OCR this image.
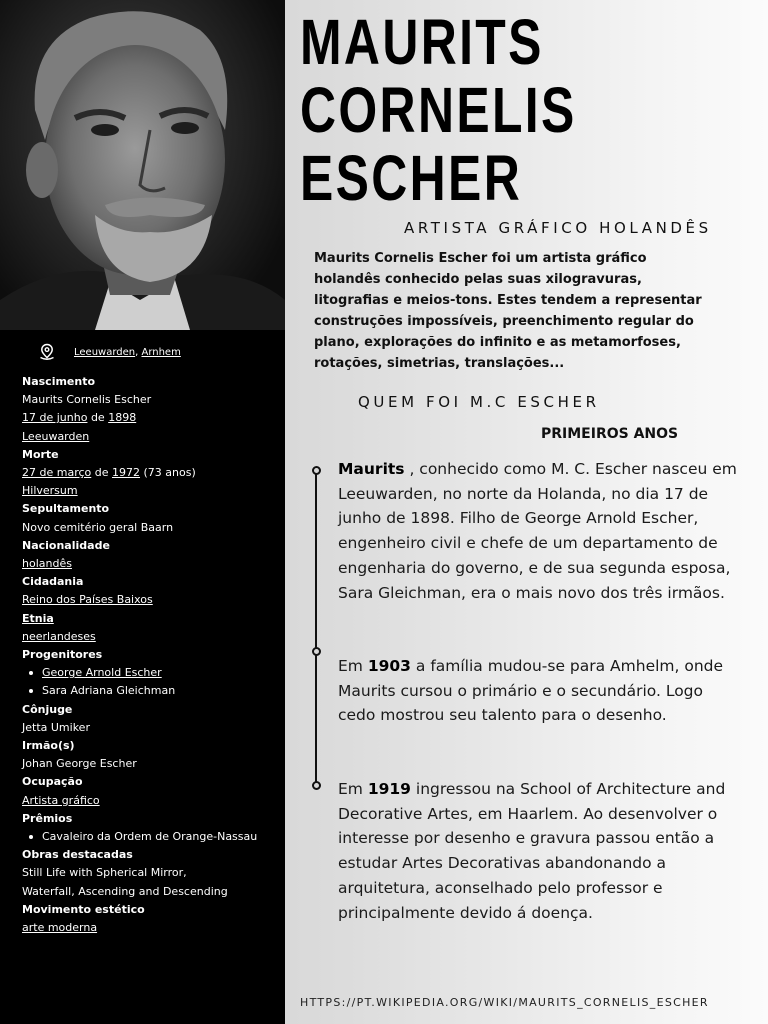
Leeuwarden, Arnhem
Nascimento
Maurits Cornelis Escher
17 de junho de 1898
Leeuwarden
Morte
27 de março de 1972 (73 anos)
Hilversum
Sepultamento
Novo cemitério geral Baarn
Nacionalidade
holandês
Cidadania
Reino dos Países Baixos
Etnia
neerlandeses
Progenitores
George Arnold Escher
Sara Adriana Gleichman
Cônjuge
Jetta Umiker
Irmão(s)
Johan George Escher
Ocupação
Artista gráfico
Prêmios
Cavaleiro da Ordem de Orange-Nassau
Obras destacadas
Still Life with Spherical Mirror,
Waterfall, Ascending and Descending
Movimento estético
arte moderna
MAURITS
CORNELIS
ESCHER
ARTISTA GRÁFICO HOLANDÊS
Maurits Cornelis Escher foi um artista gráfico holandês conhecido pelas suas xilogravuras, litografias e meios-tons. Estes tendem a representar construções impossíveis, preenchimento regular do plano, explorações do infinito e as metamorfoses, rotações, simetrias, translações...
QUEM FOI M.C ESCHER
PRIMEIROS ANOS
Maurits , conhecido como M. C. Escher nasceu em Leeuwarden, no norte da Holanda, no dia 17 de junho de 1898. Filho de George Arnold Escher, engenheiro civil e chefe de um departamento de engenharia do governo, e de sua segunda esposa, Sara Gleichman, era o mais novo dos três irmãos.
Em 1903 a família mudou-se para Amhelm, onde Maurits cursou o primário e o secundário. Logo cedo mostrou seu talento para o desenho.
Em 1919 ingressou na School of Architecture and Decorative Artes, em Haarlem. Ao desenvolver o interesse por desenho e gravura passou então a estudar Artes Decorativas abandonando a arquitetura, aconselhado pelo professor e principalmente devido á doença.
HTTPS://PT.WIKIPEDIA.ORG/WIKI/MAURITS_CORNELIS_ESCHER
